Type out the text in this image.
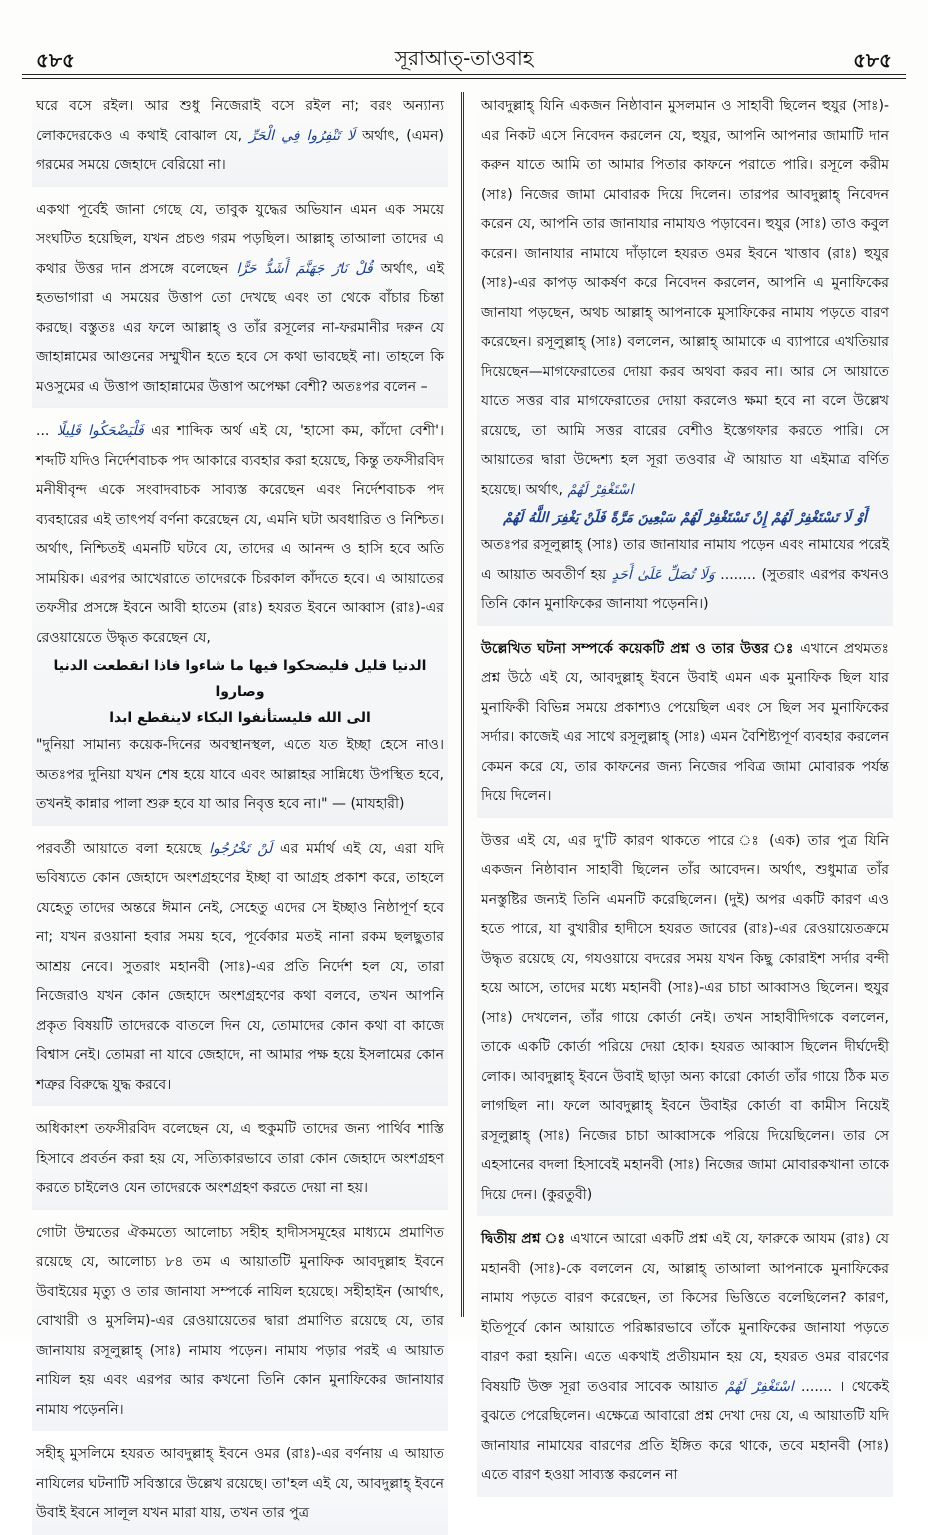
৫৮৫	সূরাআত্-তাওবাহ	৫৮৫

ঘরে বসে রইল। আর শুধু নিজেরাই বসে রইল না; বরং অন্যান্য লোকদেরকেও এ কথাই বোঝাল যে, لَا تَنْفِرُوا فِي الْحَرِّ অর্থাৎ, (এমন) গরমের সময়ে জেহাদে বেরিয়ো না।

একথা পূর্বেই জানা গেছে যে, তাবুক যুদ্ধের অভিযান এমন এক সময়ে সংঘটিত হয়েছিল, যখন প্রচণ্ড গরম পড়ছিল। আল্লাহ্ তাআলা তাদের এ কথার উত্তর দান প্রসঙ্গে বলেছেন قُلْ نَارُ جَهَنَّمَ أَشَدُّ حَرًّا অর্থাৎ, এই হতভাগারা এ সময়ের উত্তাপ তো দেখছে এবং তা থেকে বাঁচার চিন্তা করছে। বস্তুতঃ এর ফলে আল্লাহ্ ও তাঁর রসূলের না-ফরমানীর দরুন যে জাহান্নামের আগুনের সম্মুখীন হতে হবে সে কথা ভাবছেই না। তাহলে কি মওসুমের এ উত্তাপ জাহান্নামের উত্তাপ অপেক্ষা বেশী? অতঃপর বলেন –

... فَلْيَضْحَكُوا قَلِيلًا এর শাব্দিক অর্থ এই যে, 'হাসো কম, কাঁদো বেশী'। শব্দটি যদিও নির্দেশবাচক পদ আকারে ব্যবহার করা হয়েছে, কিন্তু তফসীরবিদ মনীষীবৃন্দ একে সংবাদবাচক সাব্যস্ত করেছেন এবং নির্দেশবাচক পদ ব্যবহারের এই তাৎপর্য বর্ণনা করেছেন যে, এমনি ঘটা অবধারিত ও নিশ্চিত। অর্থাৎ, নিশ্চিতই এমনটি ঘটবে যে, তাদের এ আনন্দ ও হাসি হবে অতি সাময়িক। এরপর আখেরাতে তাদেরকে চিরকাল কাঁদতে হবে। এ আয়াতের তফসীর প্রসঙ্গে ইবনে আবী হাতেম (রাঃ) হযরত ইবনে আব্বাস (রাঃ)-এর রেওয়ায়েতে উদ্ধৃত করেছেন যে,
الدنيا قليل فليضحكوا فيها ما شاءوا فاذا انقطعت الدنيا وصاروا
الى الله فليستأنفوا البكاء لاينقطع ابدا
"দুনিয়া সামান্য কয়েক-দিনের অবস্থানস্থল, এতে যত ইচ্ছা হেসে নাও। অতঃপর দুনিয়া যখন শেষ হয়ে যাবে এবং আল্লাহর সান্নিধ্যে উপস্থিত হবে, তখনই কান্নার পালা শুরু হবে যা আর নিবৃত্ত হবে না।" — (মাযহারী)

পরবর্তী আয়াতে বলা হয়েছে لَنْ تَخْرُجُوا এর মর্মার্থ এই যে, এরা যদি ভবিষ্যতে কোন জেহাদে অংশগ্রহণের ইচ্ছা বা আগ্রহ প্রকাশ করে, তাহলে যেহেতু তাদের অন্তরে ঈমান নেই, সেহেতু এদের সে ইচ্ছাও নিষ্ঠাপূর্ণ হবে না; যখন রওয়ানা হবার সময় হবে, পূর্বেকার মতই নানা রকম ছলছুতার আশ্রয় নেবে। সুতরাং মহানবী (সাঃ)-এর প্রতি নির্দেশ হল যে, তারা নিজেরাও যখন কোন জেহাদে অংশগ্রহণের কথা বলবে, তখন আপনি প্রকৃত বিষয়টি তাদেরকে বাতলে দিন যে, তোমাদের কোন কথা বা কাজে বিশ্বাস নেই। তোমরা না যাবে জেহাদে, না আমার পক্ষ হয়ে ইসলামের কোন শত্রুর বিরুদ্ধে যুদ্ধ করবে।

অধিকাংশ তফসীরবিদ বলেছেন যে, এ হুকুমটি তাদের জন্য পার্থিব শাস্তি হিসাবে প্রবর্তন করা হয় যে, সত্যিকারভাবে তারা কোন জেহাদে অংশগ্রহণ করতে চাইলেও যেন তাদেরকে অংশগ্রহণ করতে দেয়া না হয়।

গোটা উম্মতের ঐকমত্যে আলোচ্য সহীহ হাদীসসমূহের মাধ্যমে প্রমাণিত রয়েছে যে, আলোচ্য ৮৪ তম এ আয়াতটি মুনাফিক আবদুল্লাহ ইবনে উবাইয়ের মৃত্যু ও তার জানাযা সম্পর্কে নাযিল হয়েছে। সহীহাইন (আর্থাৎ, বোখারী ও মুসলিম)-এর রেওয়ায়েতের দ্বারা প্রমাণিত রয়েছে যে, তার জানাযায় রসূলুল্লাহ্ (সাঃ) নামায পড়েন। নামায পড়ার পরই এ আয়াত নাযিল হয় এবং এরপর আর কখনো তিনি কোন মুনাফিকের জানাযার নামায পড়েননি।

সহীহ্ মুসলিমে হযরত আবদুল্লাহ্ ইবনে ওমর (রাঃ)-এর বর্ণনায় এ আয়াত নাযিলের ঘটনাটি সবিস্তারে উল্লেখ রয়েছে। তা'হল এই যে, আবদুল্লাহ্ ইবনে উবাই ইবনে সালূল যখন মারা যায়, তখন তার পুত্র

আবদুল্লাহ্ যিনি একজন নিষ্ঠাবান মুসলমান ও সাহাবী ছিলেন হুযুর (সাঃ)-এর নিকট এসে নিবেদন করলেন যে, হুযুর, আপনি আপনার জামাটি দান করুন যাতে আমি তা আমার পিতার কাফনে পরাতে পারি। রসূলে করীম (সাঃ) নিজের জামা মোবারক দিয়ে দিলেন। তারপর আবদুল্লাহ্ নিবেদন করেন যে, আপনি তার জানাযার নামাযও পড়াবেন। হুযুর (সাঃ) তাও কবুল করেন। জানাযার নামাযে দাঁড়ালে হযরত ওমর ইবনে খাত্তাব (রাঃ) হুযুর (সাঃ)-এর কাপড় আকর্ষণ করে নিবেদন করলেন, আপনি এ মুনাফিকের জানাযা পড়ছেন, অথচ আল্লাহ্ আপনাকে মুসাফিকের নামায পড়তে বারণ করেছেন। রসূলুল্লাহ্ (সাঃ) বললেন, আল্লাহ্ আমাকে এ ব্যাপারে এখতিয়ার দিয়েছেন—মাগফেরাতের দোয়া করব অথবা করব না। আর সে আয়াতে যাতে সত্তর বার মাগফেরাতের দোয়া করলেও ক্ষমা হবে না বলে উল্লেখ রয়েছে, তা আমি সত্তর বারের বেশীও ইস্তেগফার করতে পারি। সে আয়াতের দ্বারা উদ্দেশ্য হল সূরা তওবার ঐ আয়াত যা এইমাত্র বর্ণিত হয়েছে। অর্থাৎ, اسْتَغْفِرْ لَهُمْ
أَوْ لَا تَسْتَغْفِرْ لَهُمْ إِنْ تَسْتَغْفِرْ لَهُمْ سَبْعِينَ مَرَّةً فَلَنْ يَغْفِرَ اللَّهُ لَهُمْ
অতঃপর রসূলুল্লাহ্ (সাঃ) তার জানাযার নামায পড়েন এবং নামাযের পরেই এ আয়াত অবতীর্ণ হয় وَلَا تُصَلِّ عَلَىٰ أَحَدٍ ........ (সুতরাং এরপর কখনও তিনি কোন মুনাফিকের জানাযা পড়েননি।)

উল্লেখিত ঘটনা সম্পর্কে কয়েকটি প্রশ্ন ও তার উত্তর ঃ এখানে প্রথমতঃ প্রশ্ন উঠে এই যে, আবদুল্লাহ্ ইবনে উবাই এমন এক মুনাফিক ছিল যার মুনাফিকী বিভিন্ন সময়ে প্রকাশ্যও পেয়েছিল এবং সে ছিল সব মুনাফিকের সর্দার। কাজেই এর সাথে রসূলুল্লাহ্ (সাঃ) এমন বৈশিষ্ট্যপূর্ণ ব্যবহার করলেন কেমন করে যে, তার কাফনের জন্য নিজের পবিত্র জামা মোবারক পর্যন্ত দিয়ে দিলেন।

উত্তর এই যে, এর দু'টি কারণ থাকতে পারে ঃ (এক) তার পুত্র যিনি একজন নিষ্ঠাবান সাহাবী ছিলেন তাঁর আবেদন। অর্থাৎ, শুধুমাত্র তাঁর মনস্তুষ্টির জন্যই তিনি এমনটি করেছিলেন। (দুই) অপর একটি কারণ এও হতে পারে, যা বুখারীর হাদীসে হযরত জাবের (রাঃ)-এর রেওয়ায়েতক্রমে উদ্ধৃত রয়েছে যে, গযওয়ায়ে বদরের সময় যখন কিছু কোরাইশ সর্দার বন্দী হয়ে আসে, তাদের মধ্যে মহানবী (সাঃ)-এর চাচা আব্বাসও ছিলেন। হুযুর (সাঃ) দেখলেন, তাঁর গায়ে কোর্তা নেই। তখন সাহাবীদিগকে বললেন, তাকে একটি কোর্তা পরিয়ে দেয়া হোক। হযরত আব্বাস ছিলেন দীর্ঘদেহী লোক। আবদুল্লাহ্ ইবনে উবাই ছাড়া অন্য কারো কোর্তা তাঁর গায়ে ঠিক মত লাগছিল না। ফলে আবদুল্লাহ্ ইবনে উবাইর কোর্তা বা কামীস নিয়েই রসূলুল্লাহ্ (সাঃ) নিজের চাচা আব্বাসকে পরিয়ে দিয়েছিলেন। তার সে এহসানের বদলা হিসাবেই মহানবী (সাঃ) নিজের জামা মোবারকখানা তাকে দিয়ে দেন। (কুরতুবী)

দ্বিতীয় প্রশ্ন ঃ এখানে আরো একটি প্রশ্ন এই যে, ফারুকে আযম (রাঃ) যে মহানবী (সাঃ)-কে বললেন যে, আল্লাহ্ তাআলা আপনাকে মুনাফিকের নামায পড়তে বারণ করেছেন, তা কিসের ভিত্তিতে বলেছিলেন? কারণ, ইতিপূর্বে কোন আয়াতে পরিষ্কারভাবে তাঁকে মুনাফিকের জানাযা পড়তে বারণ করা হয়নি। এতে একথাই প্রতীয়মান হয় যে, হযরত ওমর বারণের বিষয়টি উক্ত সূরা তওবার সাবেক আয়াত اسْتَغْفِرْ لَهُمْ ....... । থেকেই বুঝতে পেরেছিলেন। এক্ষেত্রে আবারো প্রশ্ন দেখা দেয় যে, এ আয়াতটি যদি জানাযার নামাযের বারণের প্রতি ইঙ্গিত করে থাকে, তবে মহানবী (সাঃ) এতে বারণ হওয়া সাব্যস্ত করলেন না
